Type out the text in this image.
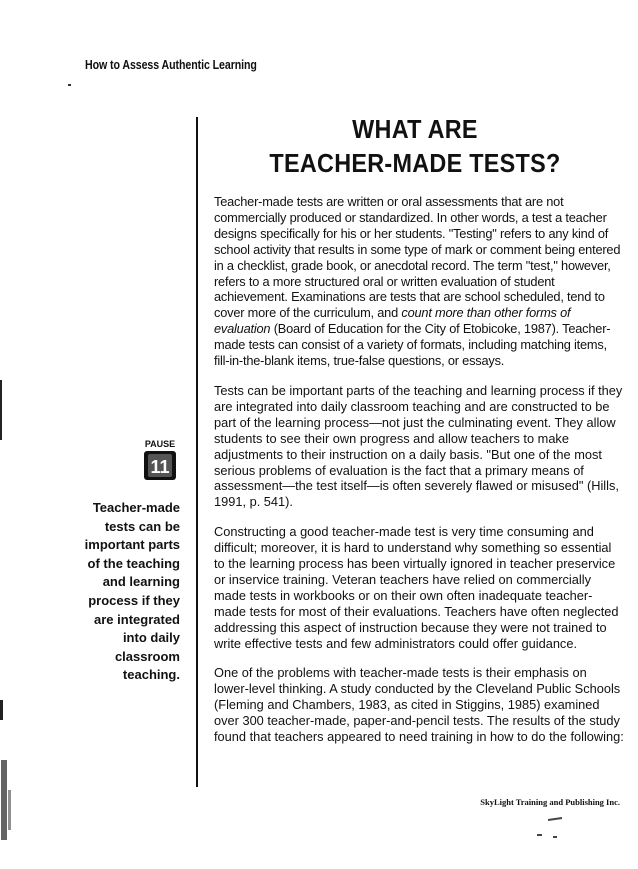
How to Assess Authentic Learning
WHAT ARE
TEACHER-MADE TESTS?

Teacher-made tests are written or oral assessments that are not commercially produced or standardized. In other words, a test a teacher designs specifically for his or her students. "Testing" refers to any kind of school activity that results in some type of mark or comment being entered in a checklist, grade book, or anecdotal record. The term "test," however, refers to a more structured oral or written evaluation of student achievement. Examinations are tests that are school scheduled, tend to cover more of the curriculum, and count more than other forms of evaluation (Board of Education for the City of Etobicoke, 1987). Teacher-made tests can consist of a variety of formats, including matching items, fill-in-the-blank items, true-false questions, or essays.

Tests can be important parts of the teaching and learning process if they are integrated into daily classroom teaching and are constructed to be part of the learning process—not just the culminating event. They allow students to see their own progress and allow teachers to make adjustments to their instruction on a daily basis. "But one of the most serious problems of evaluation is the fact that a primary means of assessment—the test itself—is often severely flawed or misused" (Hills, 1991, p. 541).

Constructing a good teacher-made test is very time consuming and difficult; moreover, it is hard to understand why something so essential to the learning process has been virtually ignored in teacher preservice or inservice training. Veteran teachers have relied on commercially made tests in workbooks or on their own often inadequate teacher-made tests for most of their evaluations. Teachers have often neglected addressing this aspect of instruction because they were not trained to write effective tests and few administrators could offer guidance.

One of the problems with teacher-made tests is their emphasis on lower-level thinking. A study conducted by the Cleveland Public Schools (Fleming and Chambers, 1983, as cited in Stiggins, 1985) examined over 300 teacher-made, paper-and-pencil tests. The results of the study found that teachers appeared to need training in how to do the following:

PAUSE
11
Teacher-made tests can be important parts of the teaching and learning process if they are integrated into daily classroom teaching.
SkyLight Training and Publishing Inc.
